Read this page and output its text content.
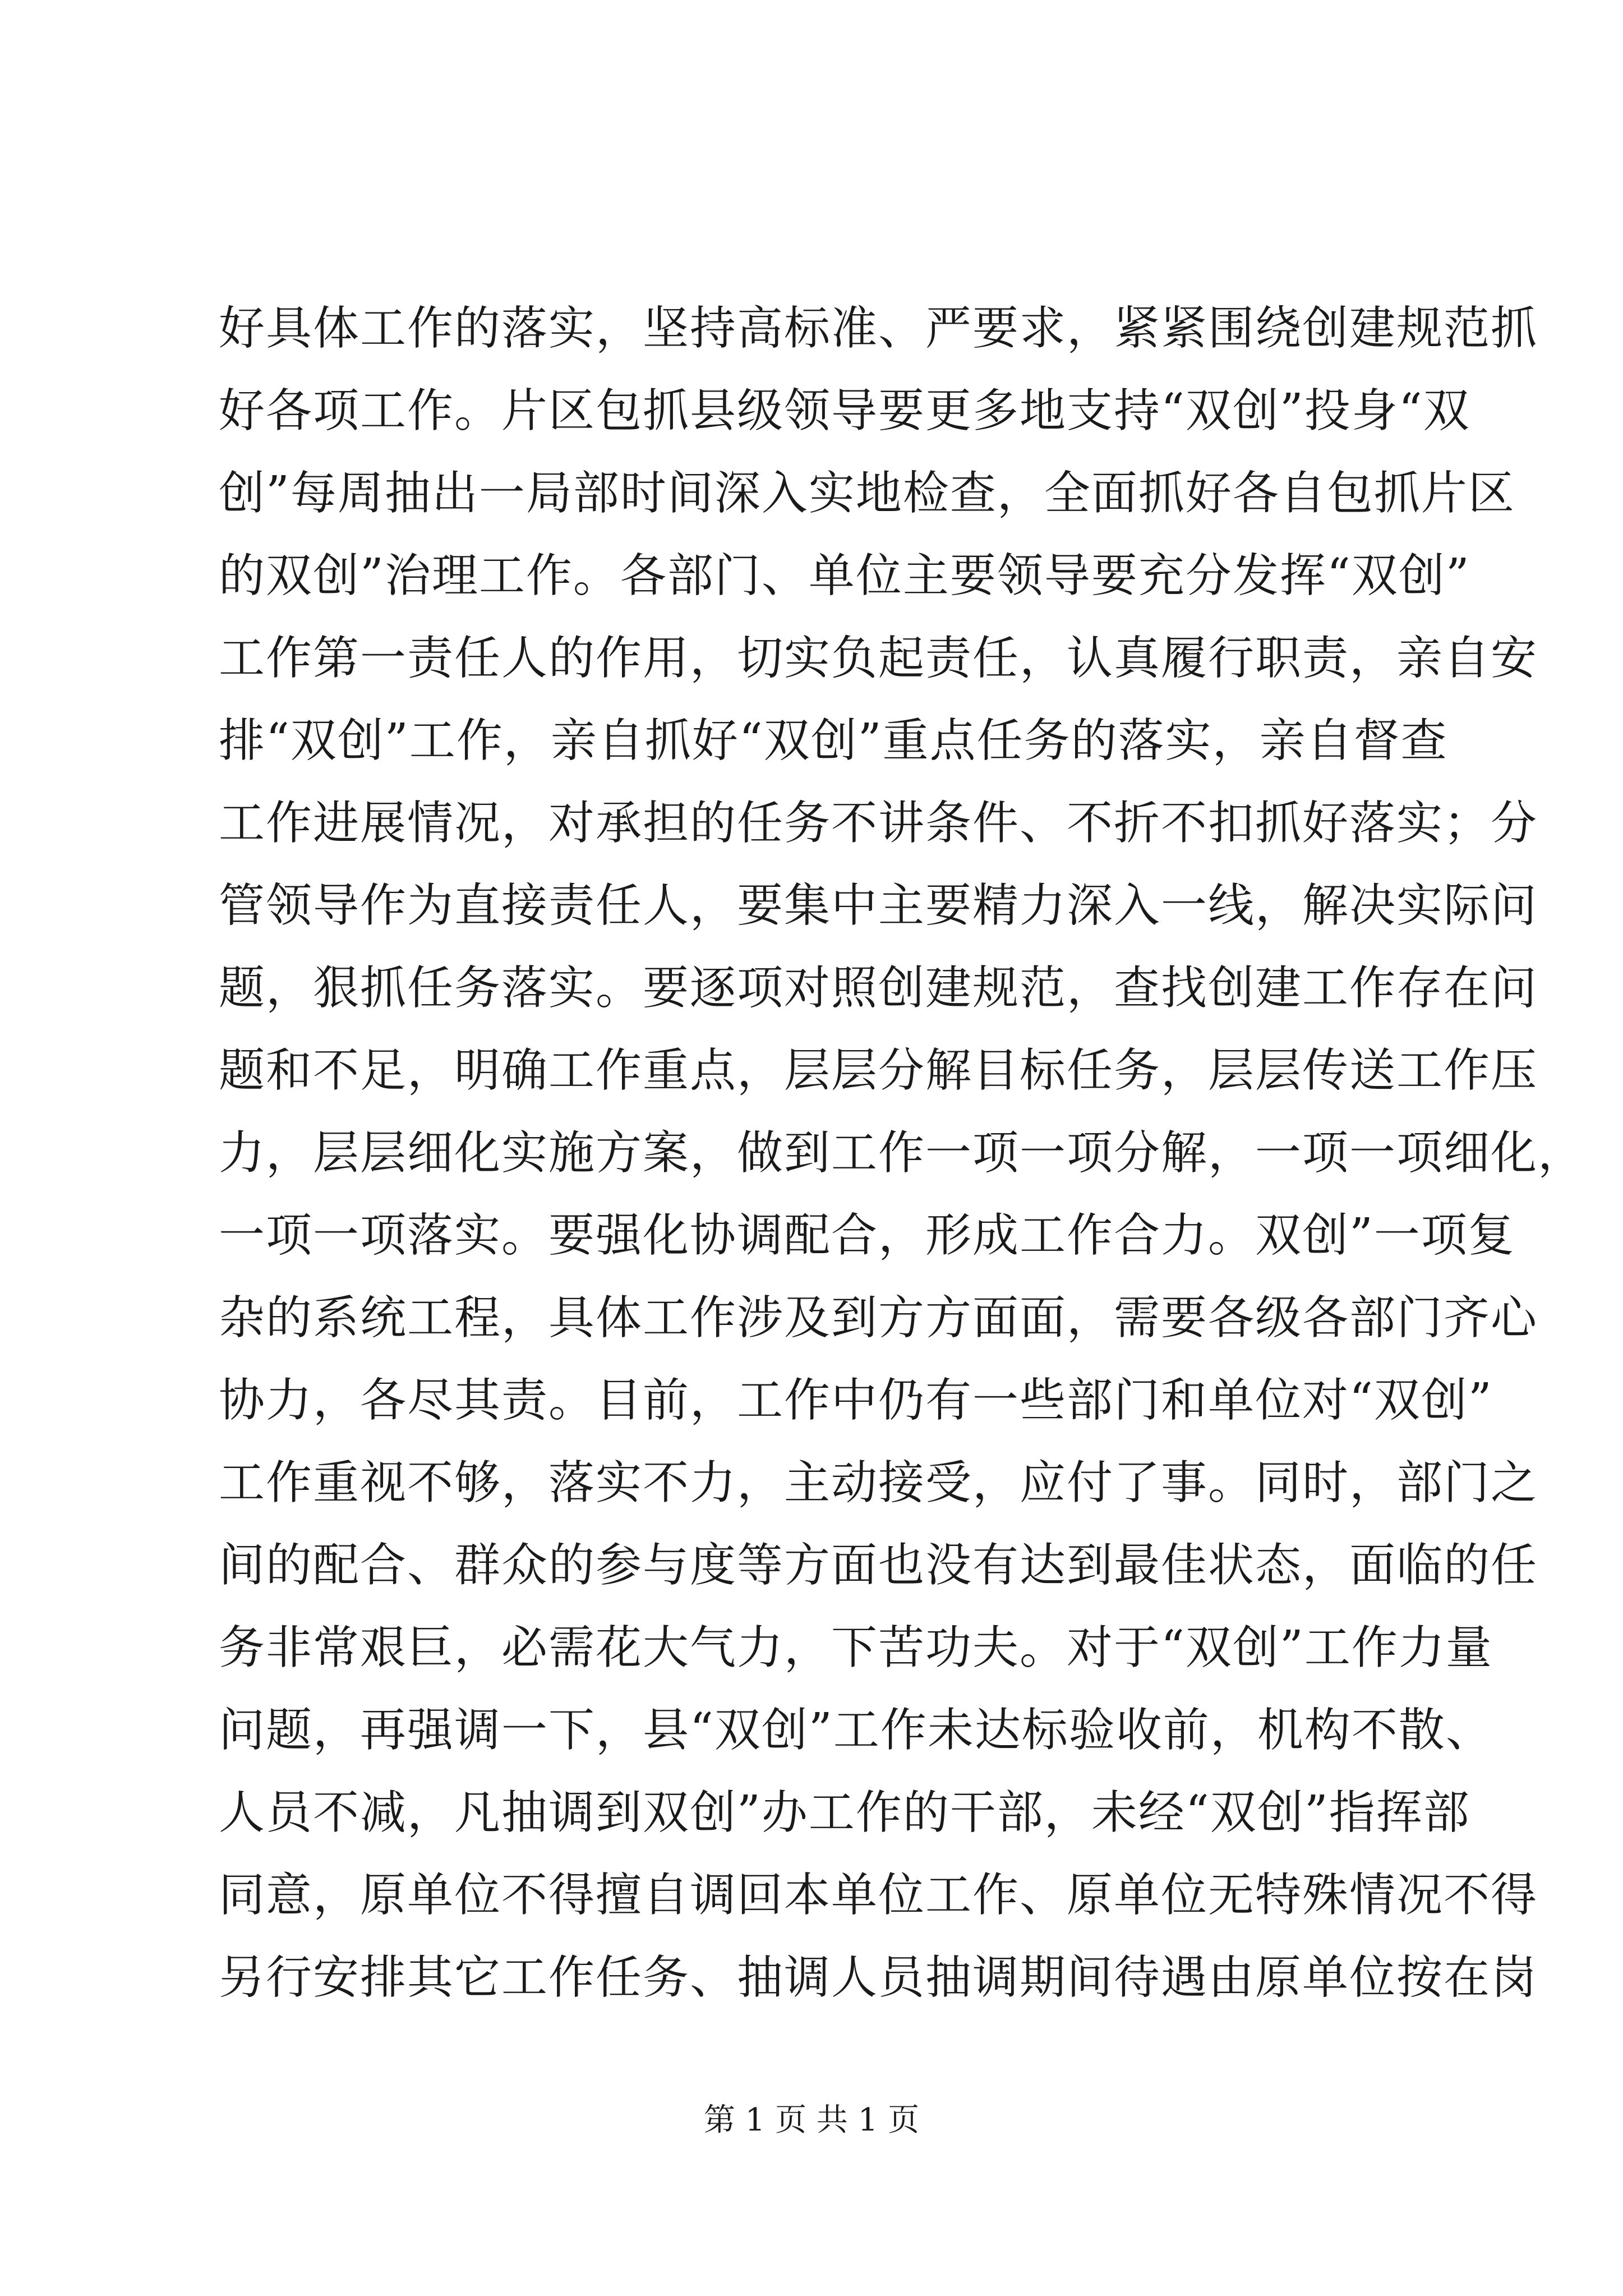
好具体工作的落实，坚持高标准、严要求，紧紧围绕创建规范抓
好各项工作。片区包抓县级领导要更多地支持“双创”投身“双
创”每周抽出一局部时间深入实地检查，全面抓好各自包抓片区
的双创”治理工作。各部门、单位主要领导要充分发挥“双创”
工作第一责任人的作用，切实负起责任，认真履行职责，亲自安
排“双创”工作，亲自抓好“双创”重点任务的落实，亲自督查
工作进展情况，对承担的任务不讲条件、不折不扣抓好落实；分
管领导作为直接责任人，要集中主要精力深入一线，解决实际问
题，狠抓任务落实。要逐项对照创建规范，查找创建工作存在问
题和不足，明确工作重点，层层分解目标任务，层层传送工作压
力，层层细化实施方案，做到工作一项一项分解，一项一项细化，
一项一项落实。要强化协调配合，形成工作合力。双创”一项复
杂的系统工程，具体工作涉及到方方面面，需要各级各部门齐心
协力，各尽其责。目前，工作中仍有一些部门和单位对“双创”
工作重视不够，落实不力，主动接受，应付了事。同时，部门之
间的配合、群众的参与度等方面也没有达到最佳状态，面临的任
务非常艰巨，必需花大气力，下苦功夫。对于“双创”工作力量
问题，再强调一下，县“双创”工作未达标验收前，机构不散、
人员不减，凡抽调到双创”办工作的干部，未经“双创”指挥部
同意，原单位不得擅自调回本单位工作、原单位无特殊情况不得
另行安排其它工作任务、抽调人员抽调期间待遇由原单位按在岗
第 1 页 共 1 页
